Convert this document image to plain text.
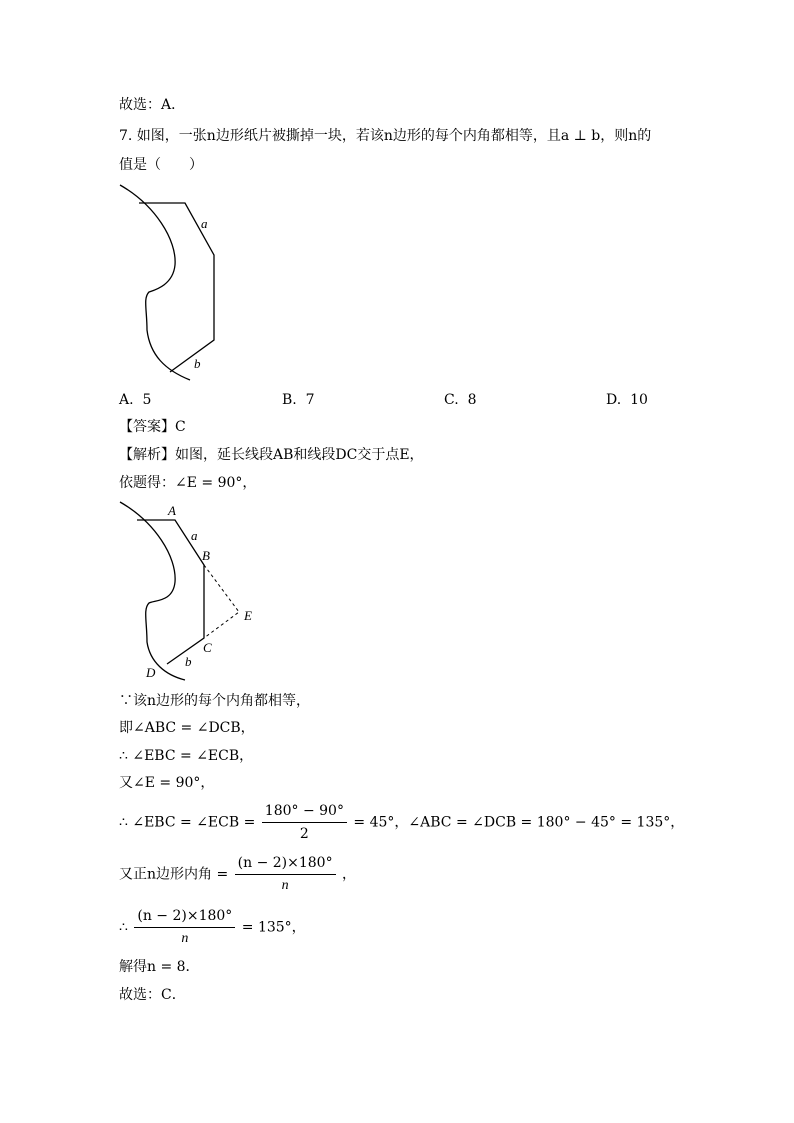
故选：A．
7. 如图，一张n边形纸片被撕掉一块，若该n边形的每个内角都相等，且a ⊥ b，则n的
值是（　　）
a
b
A. 5	B. 7	C. 8	D. 10
【答案】C
【解析】如图，延长线段AB和线段DC交于点E，
依题得：∠E = 90°，
A
a
B
E
C
b
D
∵该n边形的每个内角都相等，
即∠ABC = ∠DCB，
∴ ∠EBC = ∠ECB，
又∠E = 90°，
∴ ∠EBC = ∠ECB = $\frac{180^\circ - 90^\circ}{2} = 45^\circ$，∠ABC = ∠DCB = 180° − 45° = 135°，
又正n边形内角 = $\frac{(n - 2)\times 180^\circ}{n}$ ，
∴ $\frac{(n - 2)\times 180^\circ}{n} = 135^\circ$，
解得n = 8．
故选：C．
